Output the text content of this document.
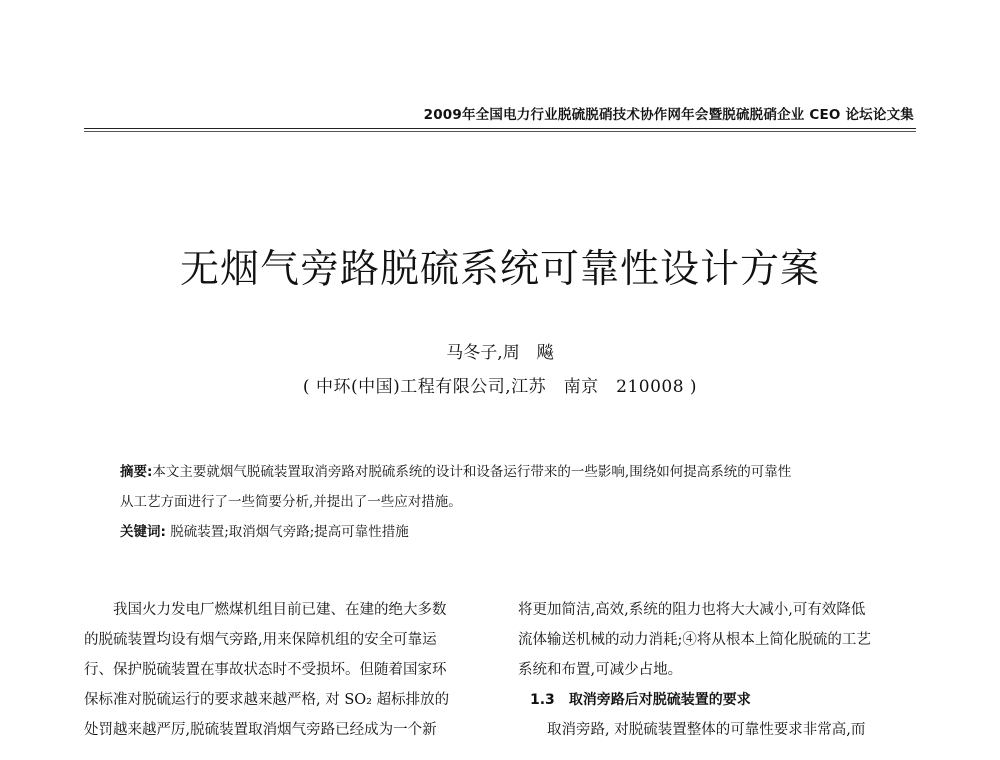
2009年全国电力行业脱硫脱硝技术协作网年会暨脱硫脱硝企业 CEO 论坛论文集
无烟气旁路脱硫系统可靠性设计方案
马冬子,周　飚
( 中环(中国)工程有限公司,江苏　南京　210008 )
摘要:本文主要就烟气脱硫装置取消旁路对脱硫系统的设计和设备运行带来的一些影响,围绕如何提高系统的可靠性
从工艺方面进行了一些简要分析,并提出了一些应对措施。
关键词: 脱硫装置;取消烟气旁路;提高可靠性措施
　　我国火力发电厂燃煤机组目前已建、在建的绝大多数
的脱硫装置均设有烟气旁路,用来保障机组的安全可靠运
行、保护脱硫装置在事故状态时不受损坏。但随着国家环
保标准对脱硫运行的要求越来越严格, 对 SO₂ 超标排放的
处罚越来越严厉,脱硫装置取消烟气旁路已经成为一个新
将更加简洁,高效,系统的阻力也将大大减小,可有效降低
流体输送机械的动力消耗;④将从根本上简化脱硫的工艺
系统和布置,可减少占地。
1.3 取消旁路后对脱硫装置的要求
　　取消旁路, 对脱硫装置整体的可靠性要求非常高,而
